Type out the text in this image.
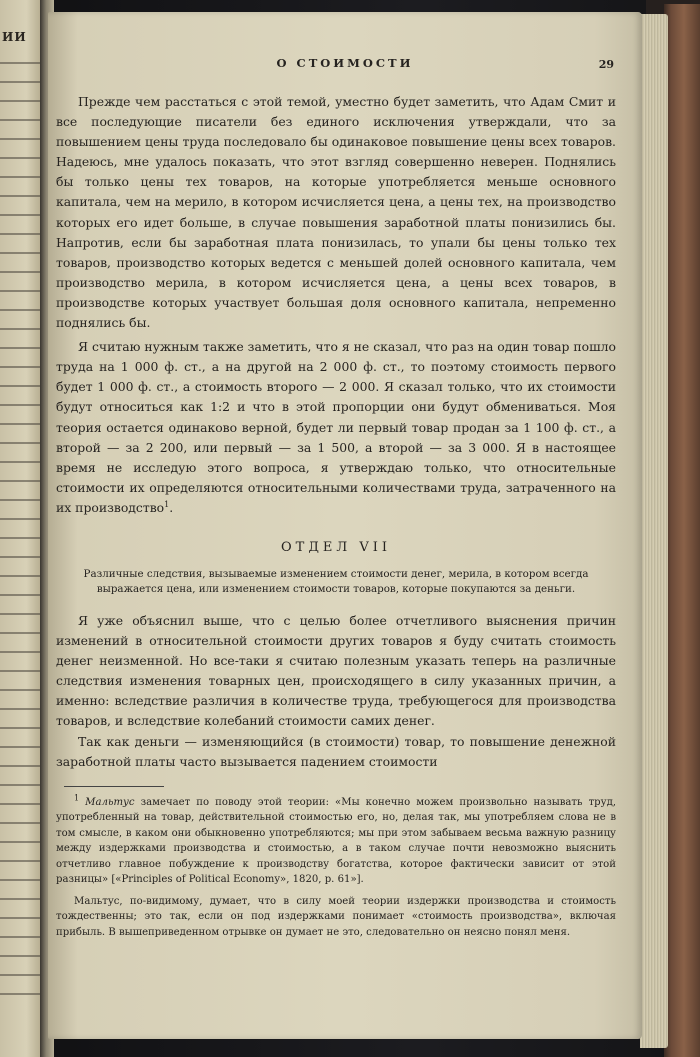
ИИ
О СТОИМОСТИ	29

Прежде чем расстаться с этой темой, уместно будет заметить, что Адам Смит и все последующие писатели без единого исключения утверждали, что за повышением цены труда последовало бы одинаковое повышение цены всех товаров. Надеюсь, мне удалось показать, что этот взгляд совершенно неверен. Поднялись бы только цены тех товаров, на которые употребляется меньше основного капитала, чем на мерило, в котором исчисляется цена, а цены тех, на производство которых его идет больше, в случае повышения заработной платы понизились бы. Напротив, если бы заработная плата понизилась, то упали бы цены только тех товаров, производство которых ведется с меньшей долей основного капитала, чем производство мерила, в котором исчисляется цена, а цены всех товаров, в производстве которых участвует большая доля основного капитала, непременно поднялись бы.

Я считаю нужным также заметить, что я не сказал, что раз на один товар пошло труда на 1 000 ф. ст., а на другой на 2 000 ф. ст., то поэтому стоимость первого будет 1 000 ф. ст., а стоимость второго — 2 000. Я сказал только, что их стоимости будут относиться как 1:2 и что в этой пропорции они будут обмениваться. Моя теория остается одинаково верной, будет ли первый товар продан за 1 100 ф. ст., а второй — за 2 200, или первый — за 1 500, а второй — за 3 000. Я в настоящее время не исследую этого вопроса, я утверждаю только, что относительные стоимости их определяются относительными количествами труда, затраченного на их производство$^1$.

ОТДЕЛ VII
Различные следствия, вызываемые изменением стоимости денег, мерила, в котором всегда выражается цена, или изменением стоимости товаров, которые покупаются за деньги.

Я уже объяснил выше, что с целью более отчетливого выяснения причин изменений в относительной стоимости других товаров я буду считать стоимость денег неизменной. Но все-таки я считаю полезным указать теперь на различные следствия изменения товарных цен, происходящего в силу указанных причин, а именно: вследствие различия в количестве труда, требующегося для производства товаров, и вследствие колебаний стоимости самих денег.

Так как деньги — изменяющийся (в стоимости) товар, то повышение денежной заработной платы часто вызывается падением стоимости

$^1$ Мальтус замечает по поводу этой теории: «Мы конечно можем произвольно называть труд, употребленный на товар, действительной стоимостью его, но, делая так, мы употребляем слова не в том смысле, в каком они обыкновенно употребляются; мы при этом забываем весьма важную разницу между издержками производства и стоимостью, а в таком случае почти невозможно выяснить отчетливо главное побуждение к производству богатства, которое фактически зависит от этой разницы» [«Principles of Political Economy», 1820, p. 61»].

Мальтус, по-видимому, думает, что в силу моей теории издержки производства и стоимость тождественны; это так, если он под издержками понимает «стоимость производства», включая прибыль. В вышеприведенном отрывке он думает не это, следовательно он неясно понял меня.
